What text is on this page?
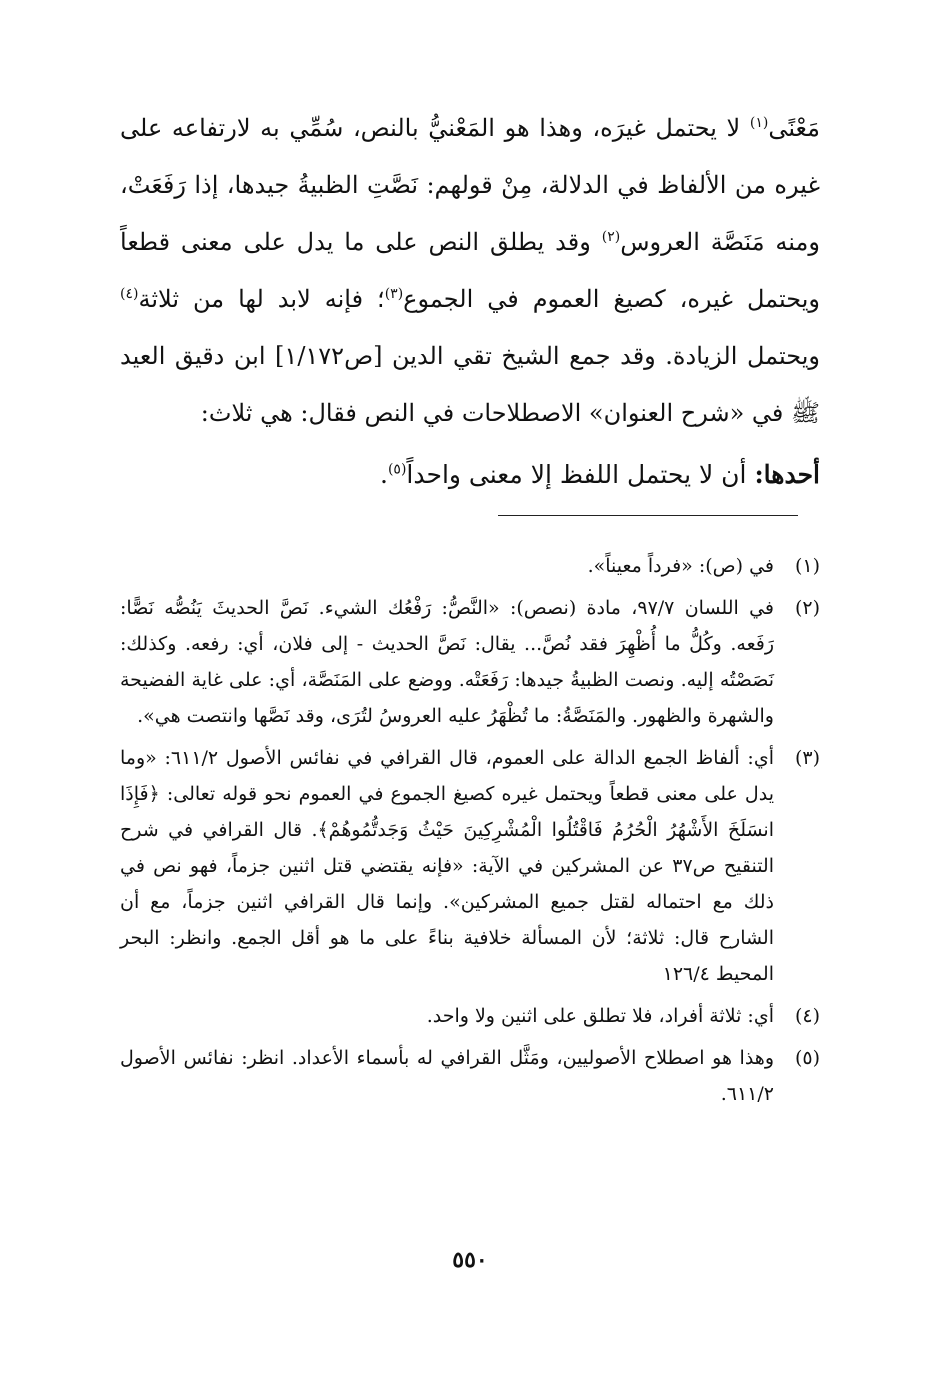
مَعْنًى$^{(١)}$ لا يحتمل غيرَه، وهذا هو المَعْنيُّ بالنص، سُمِّي به لارتفاعه على غيره من الألفاظ في الدلالة، مِنْ قولهم: نَصَّتِ الظبيةُ جيدها، إذا رَفَعَتْ، ومنه مَنَصَّة العروس$^{(٢)}$ وقد يطلق النص على ما يدل على معنى قطعاً ويحتمل غيره، كصيغ العموم في الجموع$^{(٣)}$؛ فإنه لابد لها من ثلاثة$^{(٤)}$ ويحتمل الزيادة. وقد جمع الشيخ تقي الدين [ص١/١٧٢] ابن دقيق العيد ﷺ في «شرح العنوان» الاصطلاحات في النص فقال: هي ثلاث:

أحدها: أن لا يحتمل اللفظ إلا معنى واحداً$^{(٥)}$.

(١)
في (ص): «فرداً معيناً».
(٢)
في اللسان ٩٧/٧، مادة (نصص): «النَّصُّ: رَفْعُك الشيء. نَصَّ الحديثَ يَنُصُّه نَصًّا: رَفَعه. وكُلُّ ما أُظْهِرَ فقد نُصَّ... يقال: نَصَّ الحديث - إلى فلان، أي: رفعه. وكذلك: نَصَصْتُه إليه. ونصت الظبيةُ جيدها: رَفَعَتْه. ووضع على المَنَصَّة، أي: على غاية الفضيحة والشهرة والظهور. والمَنَصَّةُ: ما تُظْهَرُ عليه العروسُ لتُرَى، وقد نَصَّها وانتصت هي».
(٣)
أي: ألفاظ الجمع الدالة على العموم، قال القرافي في نفائس الأصول ٦١١/٢: «وما يدل على معنى قطعاً ويحتمل غيره كصيغ الجموع في العموم نحو قوله تعالى: ﴿فَإِذَا انسَلَخَ الأَشْهُرُ الْحُرُمُ فَاقْتُلُوا الْمُشْرِكِينَ حَيْثُ وَجَدتُّمُوهُمْ﴾. قال القرافي في شرح التنقيح ص٣٧ عن المشركين في الآية: «فإنه يقتضي قتل اثنين جزماً، فهو نص في ذلك مع احتماله لقتل جميع المشركين». وإنما قال القرافي اثنين جزماً، مع أن الشارح قال: ثلاثة؛ لأن المسألة خلافية بناءً على ما هو أقل الجمع. وانظر: البحر المحيط ١٢٦/٤
(٤)
أي: ثلاثة أفراد، فلا تطلق على اثنين ولا واحد.
(٥)
وهذا هو اصطلاح الأصوليين، ومَثَّل القرافي له بأسماء الأعداد. انظر: نفائس الأصول ٦١١/٢.
٥٥٠
